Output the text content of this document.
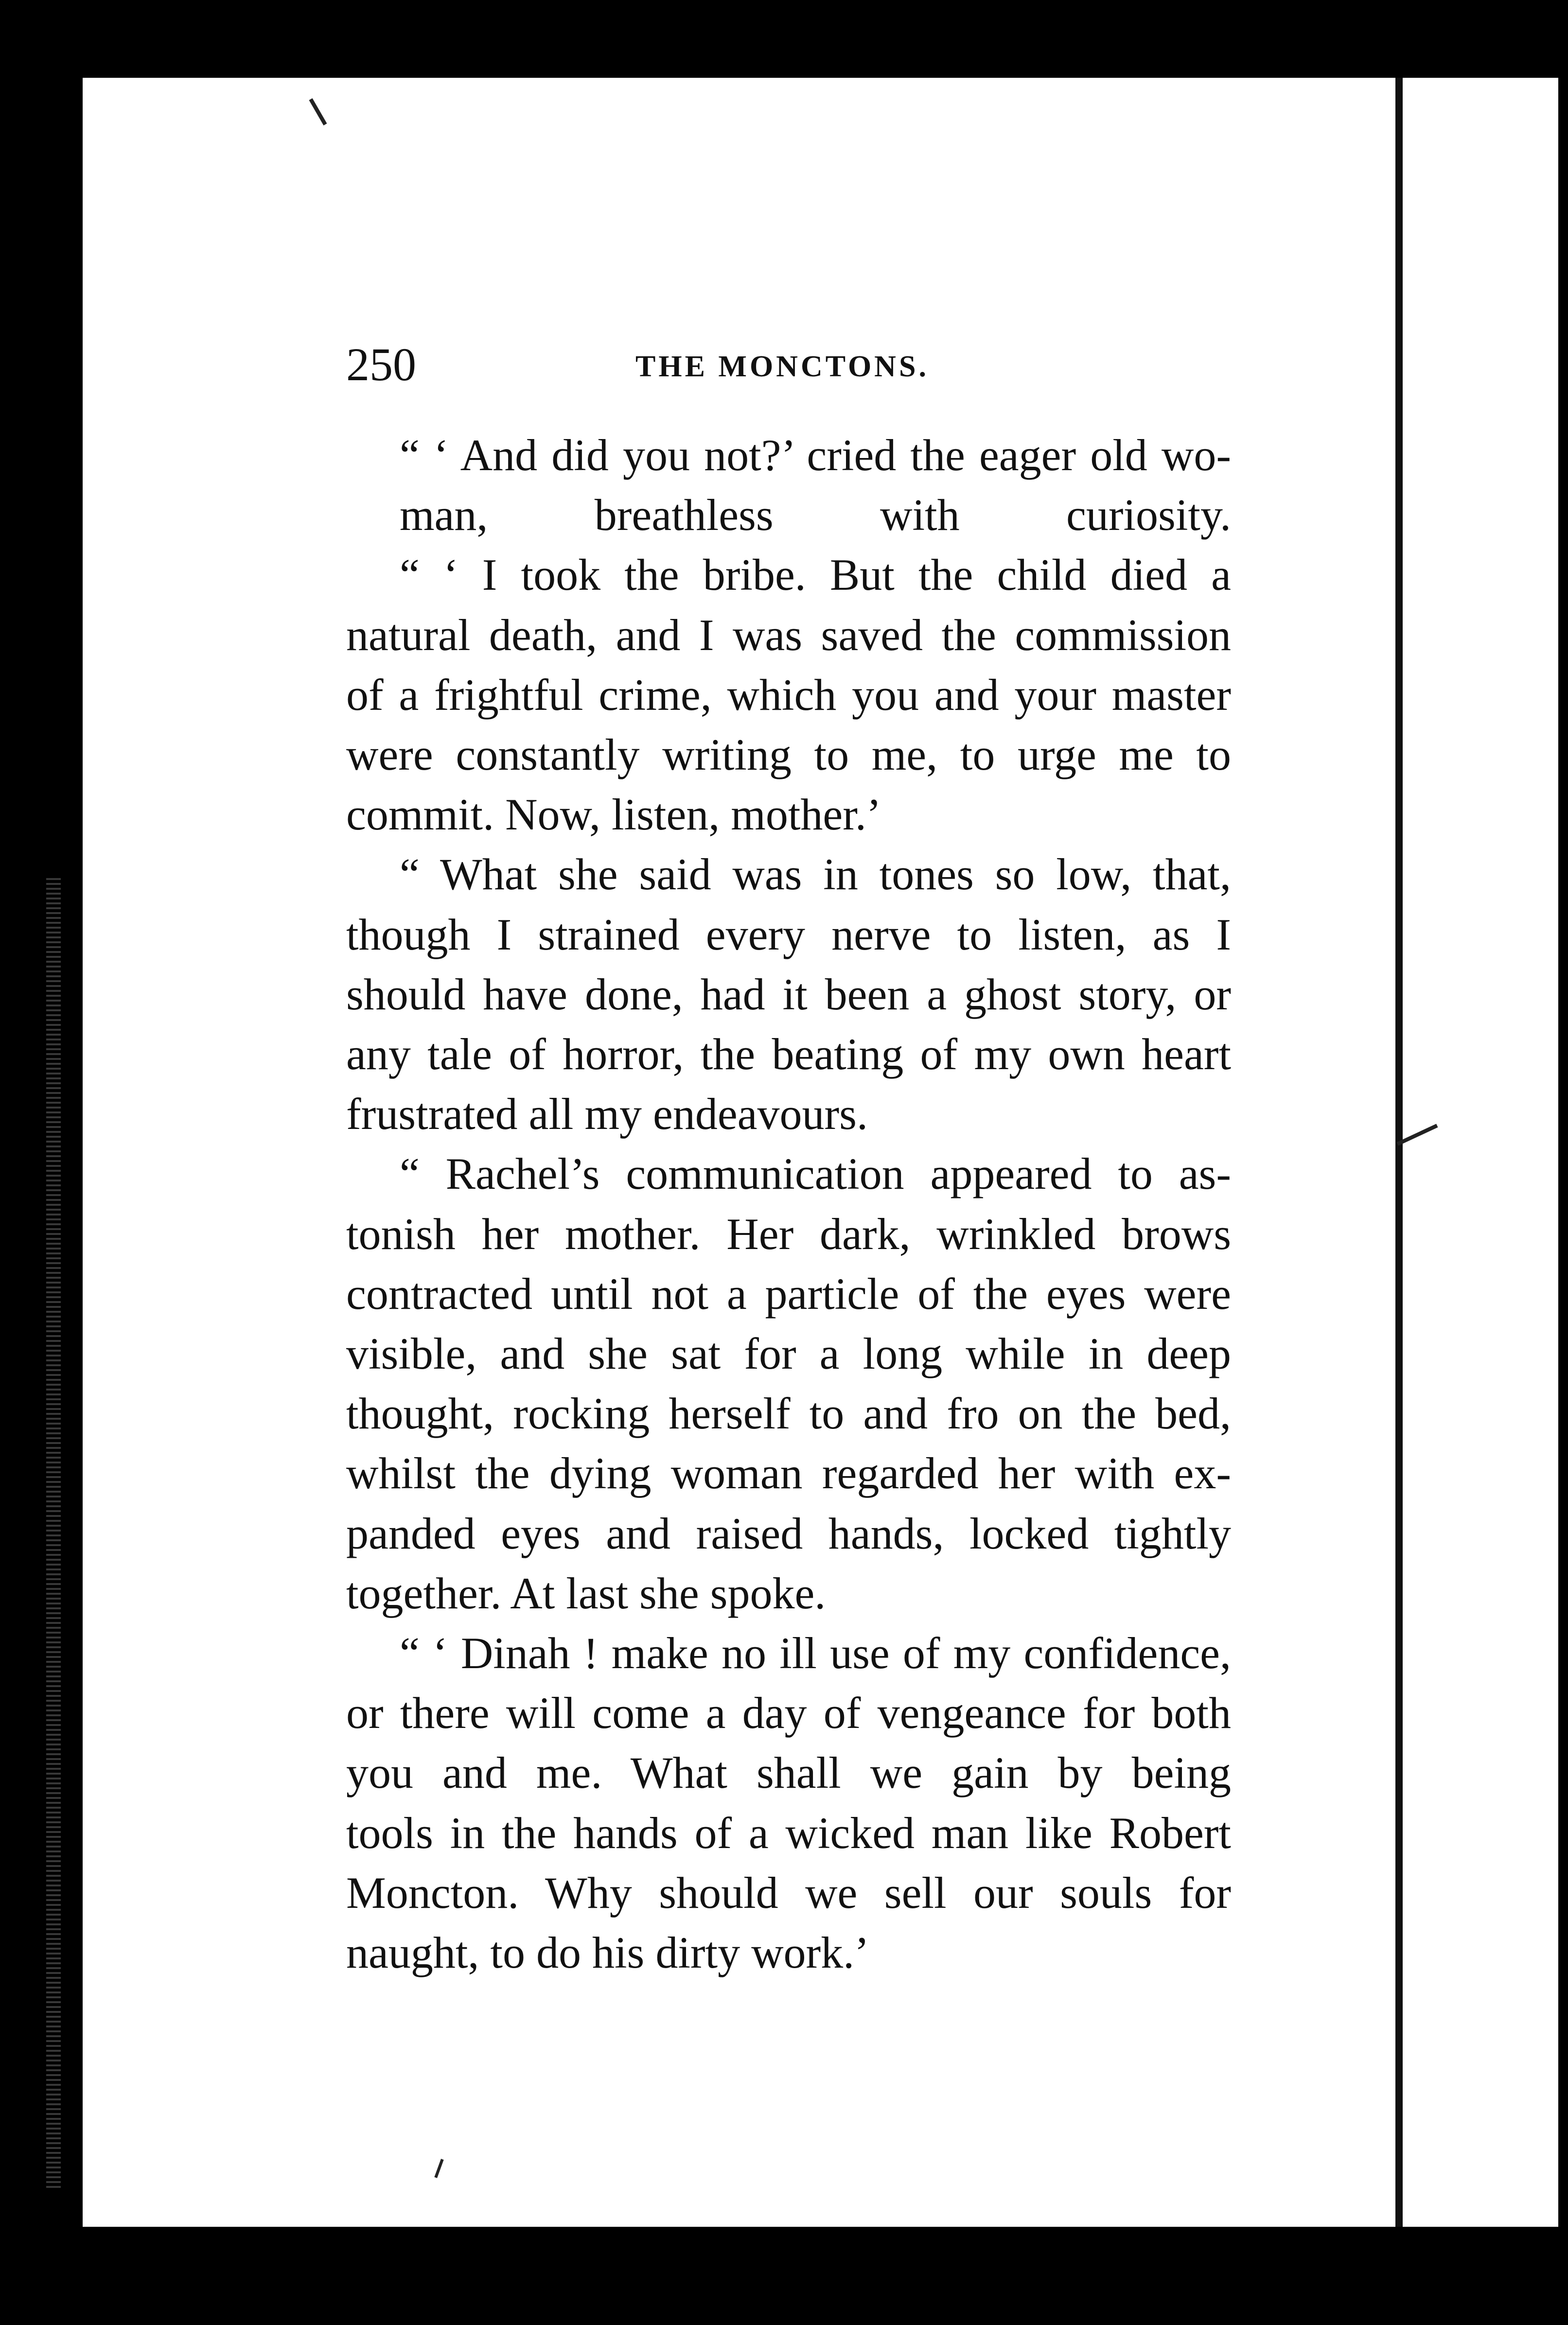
250	THE MONCTONS.
“ ‘ And did you not?’ cried the eager old wo-
man, breathless with curiosity.
“ ‘ I took the bribe. But the child died a
natural death, and I was saved the commission
of a frightful crime, which you and your master
were constantly writing to me, to urge me to
commit. Now, listen, mother.’
“ What she said was in tones so low, that,
though I strained every nerve to listen, as I
should have done, had it been a ghost story, or
any tale of horror, the beating of my own heart
frustrated all my endeavours.
“ Rachel’s communication appeared to as-
tonish her mother. Her dark, wrinkled brows
contracted until not a particle of the eyes were
visible, and she sat for a long while in deep
thought, rocking herself to and fro on the bed,
whilst the dying woman regarded her with ex-
panded eyes and raised hands, locked tightly
together. At last she spoke.
“ ‘ Dinah ! make no ill use of my confidence,
or there will come a day of vengeance for both
you and me. What shall we gain by being
tools in the hands of a wicked man like Robert
Moncton. Why should we sell our souls for
naught, to do his dirty work.’
